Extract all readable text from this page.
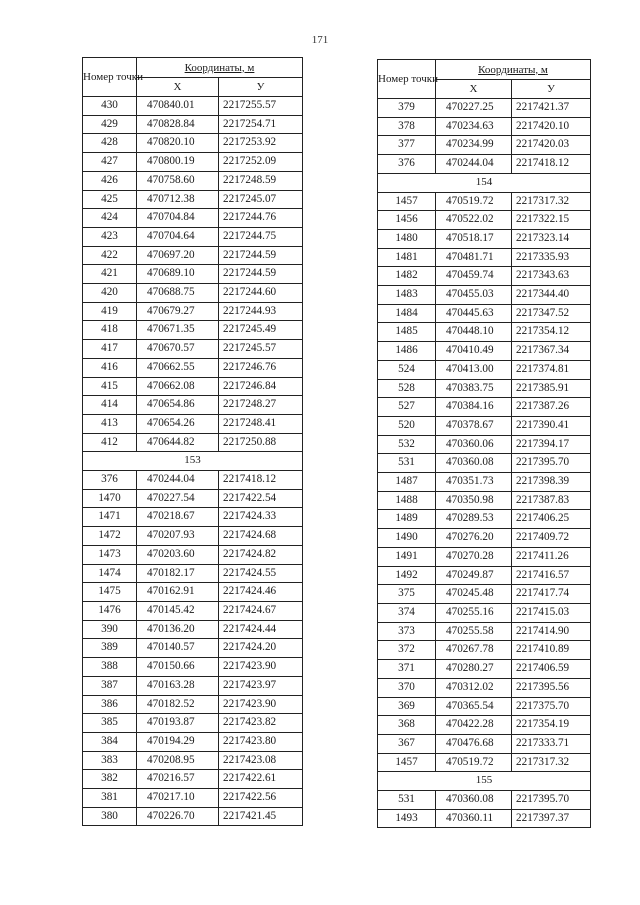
171
Номер точки	Координаты, м	
	X	У
430	470840.01	2217255.57
429	470828.84	2217254.71
428	470820.10	2217253.92
427	470800.19	2217252.09
426	470758.60	2217248.59
425	470712.38	2217245.07
424	470704.84	2217244.76
423	470704.64	2217244.75
422	470697.20	2217244.59
421	470689.10	2217244.59
420	470688.75	2217244.60
419	470679.27	2217244.93
418	470671.35	2217245.49
417	470670.57	2217245.57
416	470662.55	2217246.76
415	470662.08	2217246.84
414	470654.86	2217248.27
413	470654.26	2217248.41
412	470644.82	2217250.88
153		
376	470244.04	2217418.12
1470	470227.54	2217422.54
1471	470218.67	2217424.33
1472	470207.93	2217424.68
1473	470203.60	2217424.82
1474	470182.17	2217424.55
1475	470162.91	2217424.46
1476	470145.42	2217424.67
390	470136.20	2217424.44
389	470140.57	2217424.20
388	470150.66	2217423.90
387	470163.28	2217423.97
386	470182.52	2217423.90
385	470193.87	2217423.82
384	470194.29	2217423.80
383	470208.95	2217423.08
382	470216.57	2217422.61
381	470217.10	2217422.56
380	470226.70	2217421.45
Номер точки	Координаты, м	
	X	У
379	470227.25	2217421.37
378	470234.63	2217420.10
377	470234.99	2217420.03
376	470244.04	2217418.12
154		
1457	470519.72	2217317.32
1456	470522.02	2217322.15
1480	470518.17	2217323.14
1481	470481.71	2217335.93
1482	470459.74	2217343.63
1483	470455.03	2217344.40
1484	470445.63	2217347.52
1485	470448.10	2217354.12
1486	470410.49	2217367.34
524	470413.00	2217374.81
528	470383.75	2217385.91
527	470384.16	2217387.26
520	470378.67	2217390.41
532	470360.06	2217394.17
531	470360.08	2217395.70
1487	470351.73	2217398.39
1488	470350.98	2217387.83
1489	470289.53	2217406.25
1490	470276.20	2217409.72
1491	470270.28	2217411.26
1492	470249.87	2217416.57
375	470245.48	2217417.74
374	470255.16	2217415.03
373	470255.58	2217414.90
372	470267.78	2217410.89
371	470280.27	2217406.59
370	470312.02	2217395.56
369	470365.54	2217375.70
368	470422.28	2217354.19
367	470476.68	2217333.71
1457	470519.72	2217317.32
155		
531	470360.08	2217395.70
1493	470360.11	2217397.37
